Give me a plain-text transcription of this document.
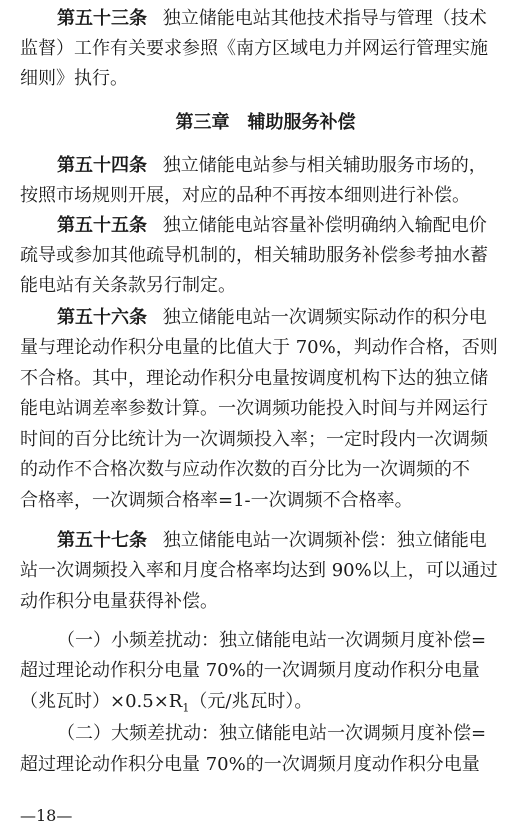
第五十三条 独立储能电站其他技术指导与管理（技术
监督）工作有关要求参照《南方区域电力并网运行管理实施
细则》执行。
第三章　辅助服务补偿
第五十四条 独立储能电站参与相关辅助服务市场的，
按照市场规则开展，对应的品种不再按本细则进行补偿。
第五十五条 独立储能电站容量补偿明确纳入输配电价
疏导或参加其他疏导机制的，相关辅助服务补偿参考抽水蓄
能电站有关条款另行制定。
第五十六条 独立储能电站一次调频实际动作的积分电
量与理论动作积分电量的比值大于 70%，判动作合格，否则
不合格。其中，理论动作积分电量按调度机构下达的独立储
能电站调差率参数计算。一次调频功能投入时间与并网运行
时间的百分比统计为一次调频投入率；一定时段内一次调频
的动作不合格次数与应动作次数的百分比为一次调频的不
合格率，一次调频合格率=1-一次调频不合格率。
第五十七条 独立储能电站一次调频补偿：独立储能电
站一次调频投入率和月度合格率均达到 90%以上，可以通过
动作积分电量获得补偿。
（一）小频差扰动：独立储能电站一次调频月度补偿=
超过理论动作积分电量 70%的一次调频月度动作积分电量
（兆瓦时）$\times 0.5\times R_1$（元/兆瓦时）。
（二）大频差扰动：独立储能电站一次调频月度补偿=
超过理论动作积分电量 70%的一次调频月度动作积分电量
—18—
